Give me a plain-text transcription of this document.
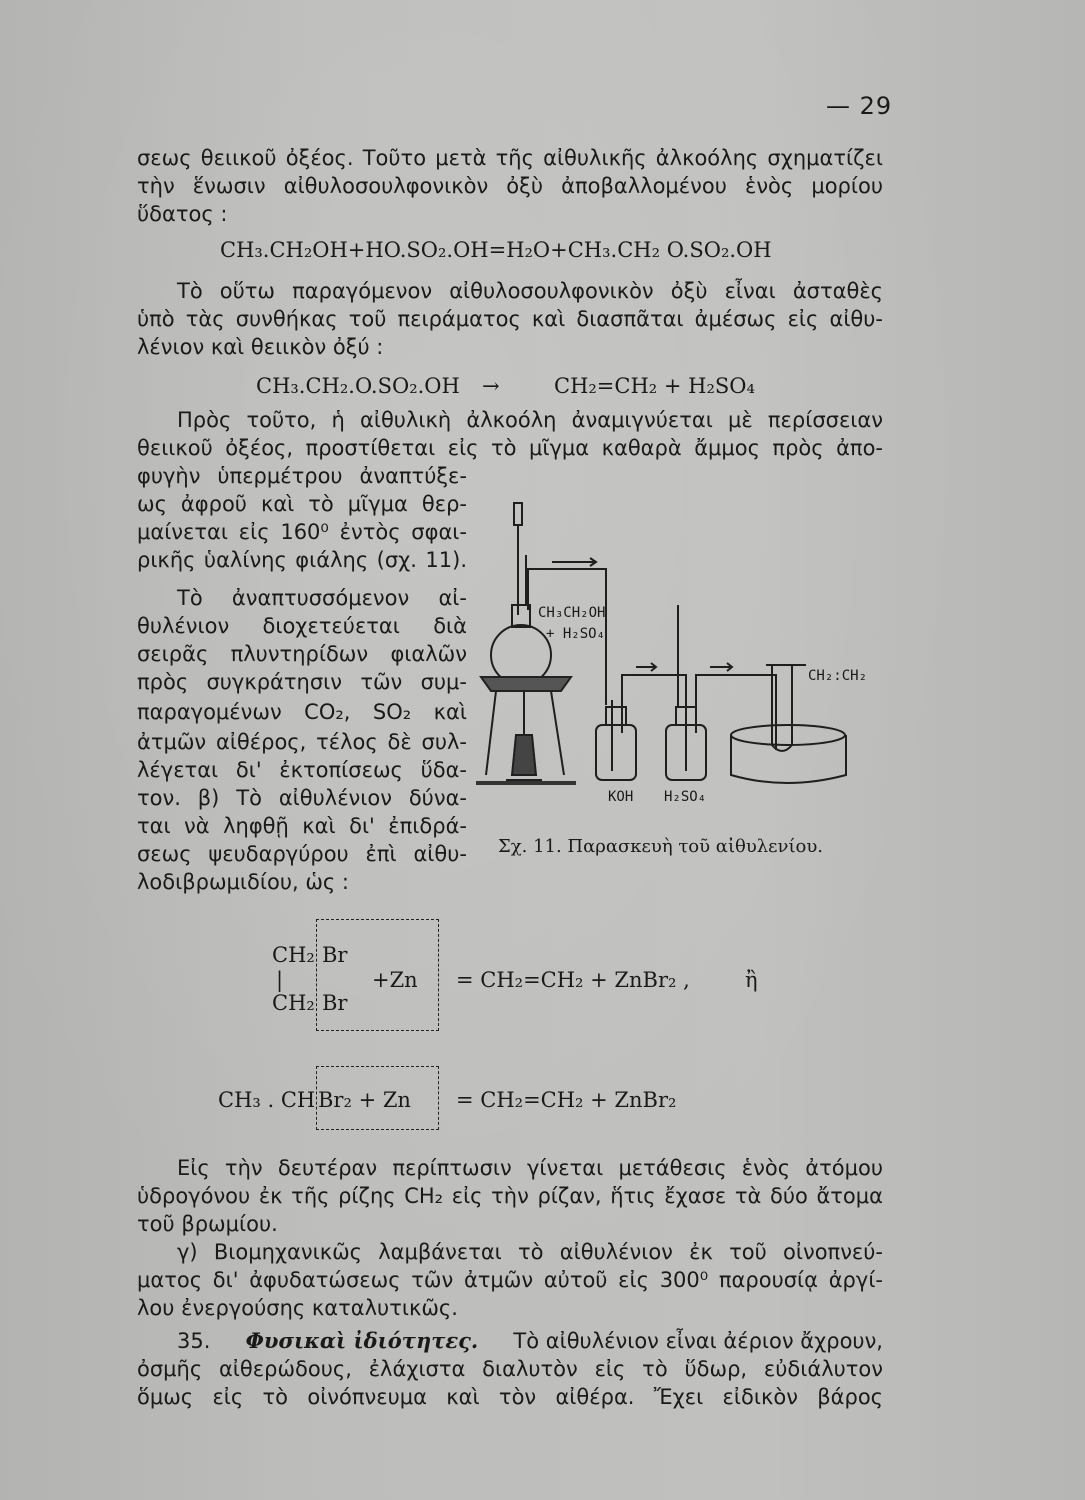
— 29
σεως θειικοῦ ὀξέος. Τοῦτο μετὰ τῆς αἰθυλικῆς ἀλκοόλης σχηματίζει
τὴν ἕνωσιν αἰθυλοσουλφονικὸν ὀξὺ ἀποβαλλομένου ἑνὸς μορίου
ὕδατος :
CH₃.CH₂OH+HO.SO₂.OH=H₂O+CH₃.CH₂ O.SO₂.OH
Τὸ οὕτω παραγόμενον αἰθυλοσουλφονικὸν ὀξὺ εἶναι ἀσταθὲς
ὑπὸ τὰς συνθήκας τοῦ πειράματος καὶ διασπᾶται ἀμέσως εἰς αἰθυ-
λένιον καὶ θειικὸν ὀξύ :
CH₃.CH₂.O.SO₂.OH →	CH₂=CH₂ + H₂SO₄
Πρὸς τοῦτο, ἡ αἰθυλικὴ ἀλκοόλη ἀναμιγνύεται μὲ περίσσειαν
θειικοῦ ὀξέος, προστίθεται εἰς τὸ μῖγμα καθαρὰ ἄμμος πρὸς ἀπο-
φυγὴν ὑπερμέτρου ἀναπτύξε-
ως ἀφροῦ καὶ τὸ μῖγμα θερ-
μαίνεται εἰς 160⁰ ἐντὸς σφαι-
ρικῆς ὑαλίνης φιάλης (σχ. 11).
Τὸ ἀναπτυσσόμενον αἰ-
θυλένιον διοχετεύεται διὰ
σειρᾶς πλυντηρίδων φιαλῶν
πρὸς συγκράτησιν τῶν συμ-
παραγομένων CO₂, SO₂ καὶ
ἀτμῶν αἰθέρος, τέλος δὲ συλ-
λέγεται δι' ἐκτοπίσεως ὕδα-
τον. β) Τὸ αἰθυλένιον δύνα-
ται νὰ ληφθῇ καὶ δι' ἐπιδρά-
σεως ψευδαργύρου ἐπὶ αἰθυ-
λοδιβρωμιδίου, ὡς :
CH₃CH₂OH
+ H₂SO₄
KOH H₂SO₄
CH₂:CH₂
Σχ. 11. Παρασκευὴ τοῦ αἰθυλενίου.
CH₂ Br
|	+Zn
CH₂ Br
= CH₂=CH₂ + ZnBr₂ ,	ἢ
CH₃ . CH Br₂ + Zn = CH₂=CH₂ + ZnBr₂
Εἰς τὴν δευτέραν περίπτωσιν γίνεται μετάθεσις ἑνὸς ἀτόμου
ὑδρογόνου ἐκ τῆς ρίζης CH₂ εἰς τὴν ρίζαν, ἥτις ἔχασε τὰ δύο ἄτομα
τοῦ βρωμίου.
γ) Βιομηχανικῶς λαμβάνεται τὸ αἰθυλένιον ἐκ τοῦ οἰνοπνεύ-
ματος δι' ἀφυδατώσεως τῶν ἀτμῶν αὐτοῦ εἰς 300⁰ παρουσίᾳ ἀργί-
λου ἐνεργούσης καταλυτικῶς.
35. Φυσικαὶ ἰδιότητες. Τὸ αἰθυλένιον εἶναι ἀέριον ἄχρουν,
ὀσμῆς αἰθερώδους, ἐλάχιστα διαλυτὸν εἰς τὸ ὕδωρ, εὐδιάλυτον
ὅμως εἰς τὸ οἰνόπνευμα καὶ τὸν αἰθέρα. Ἔχει εἰδικὸν βάρος
